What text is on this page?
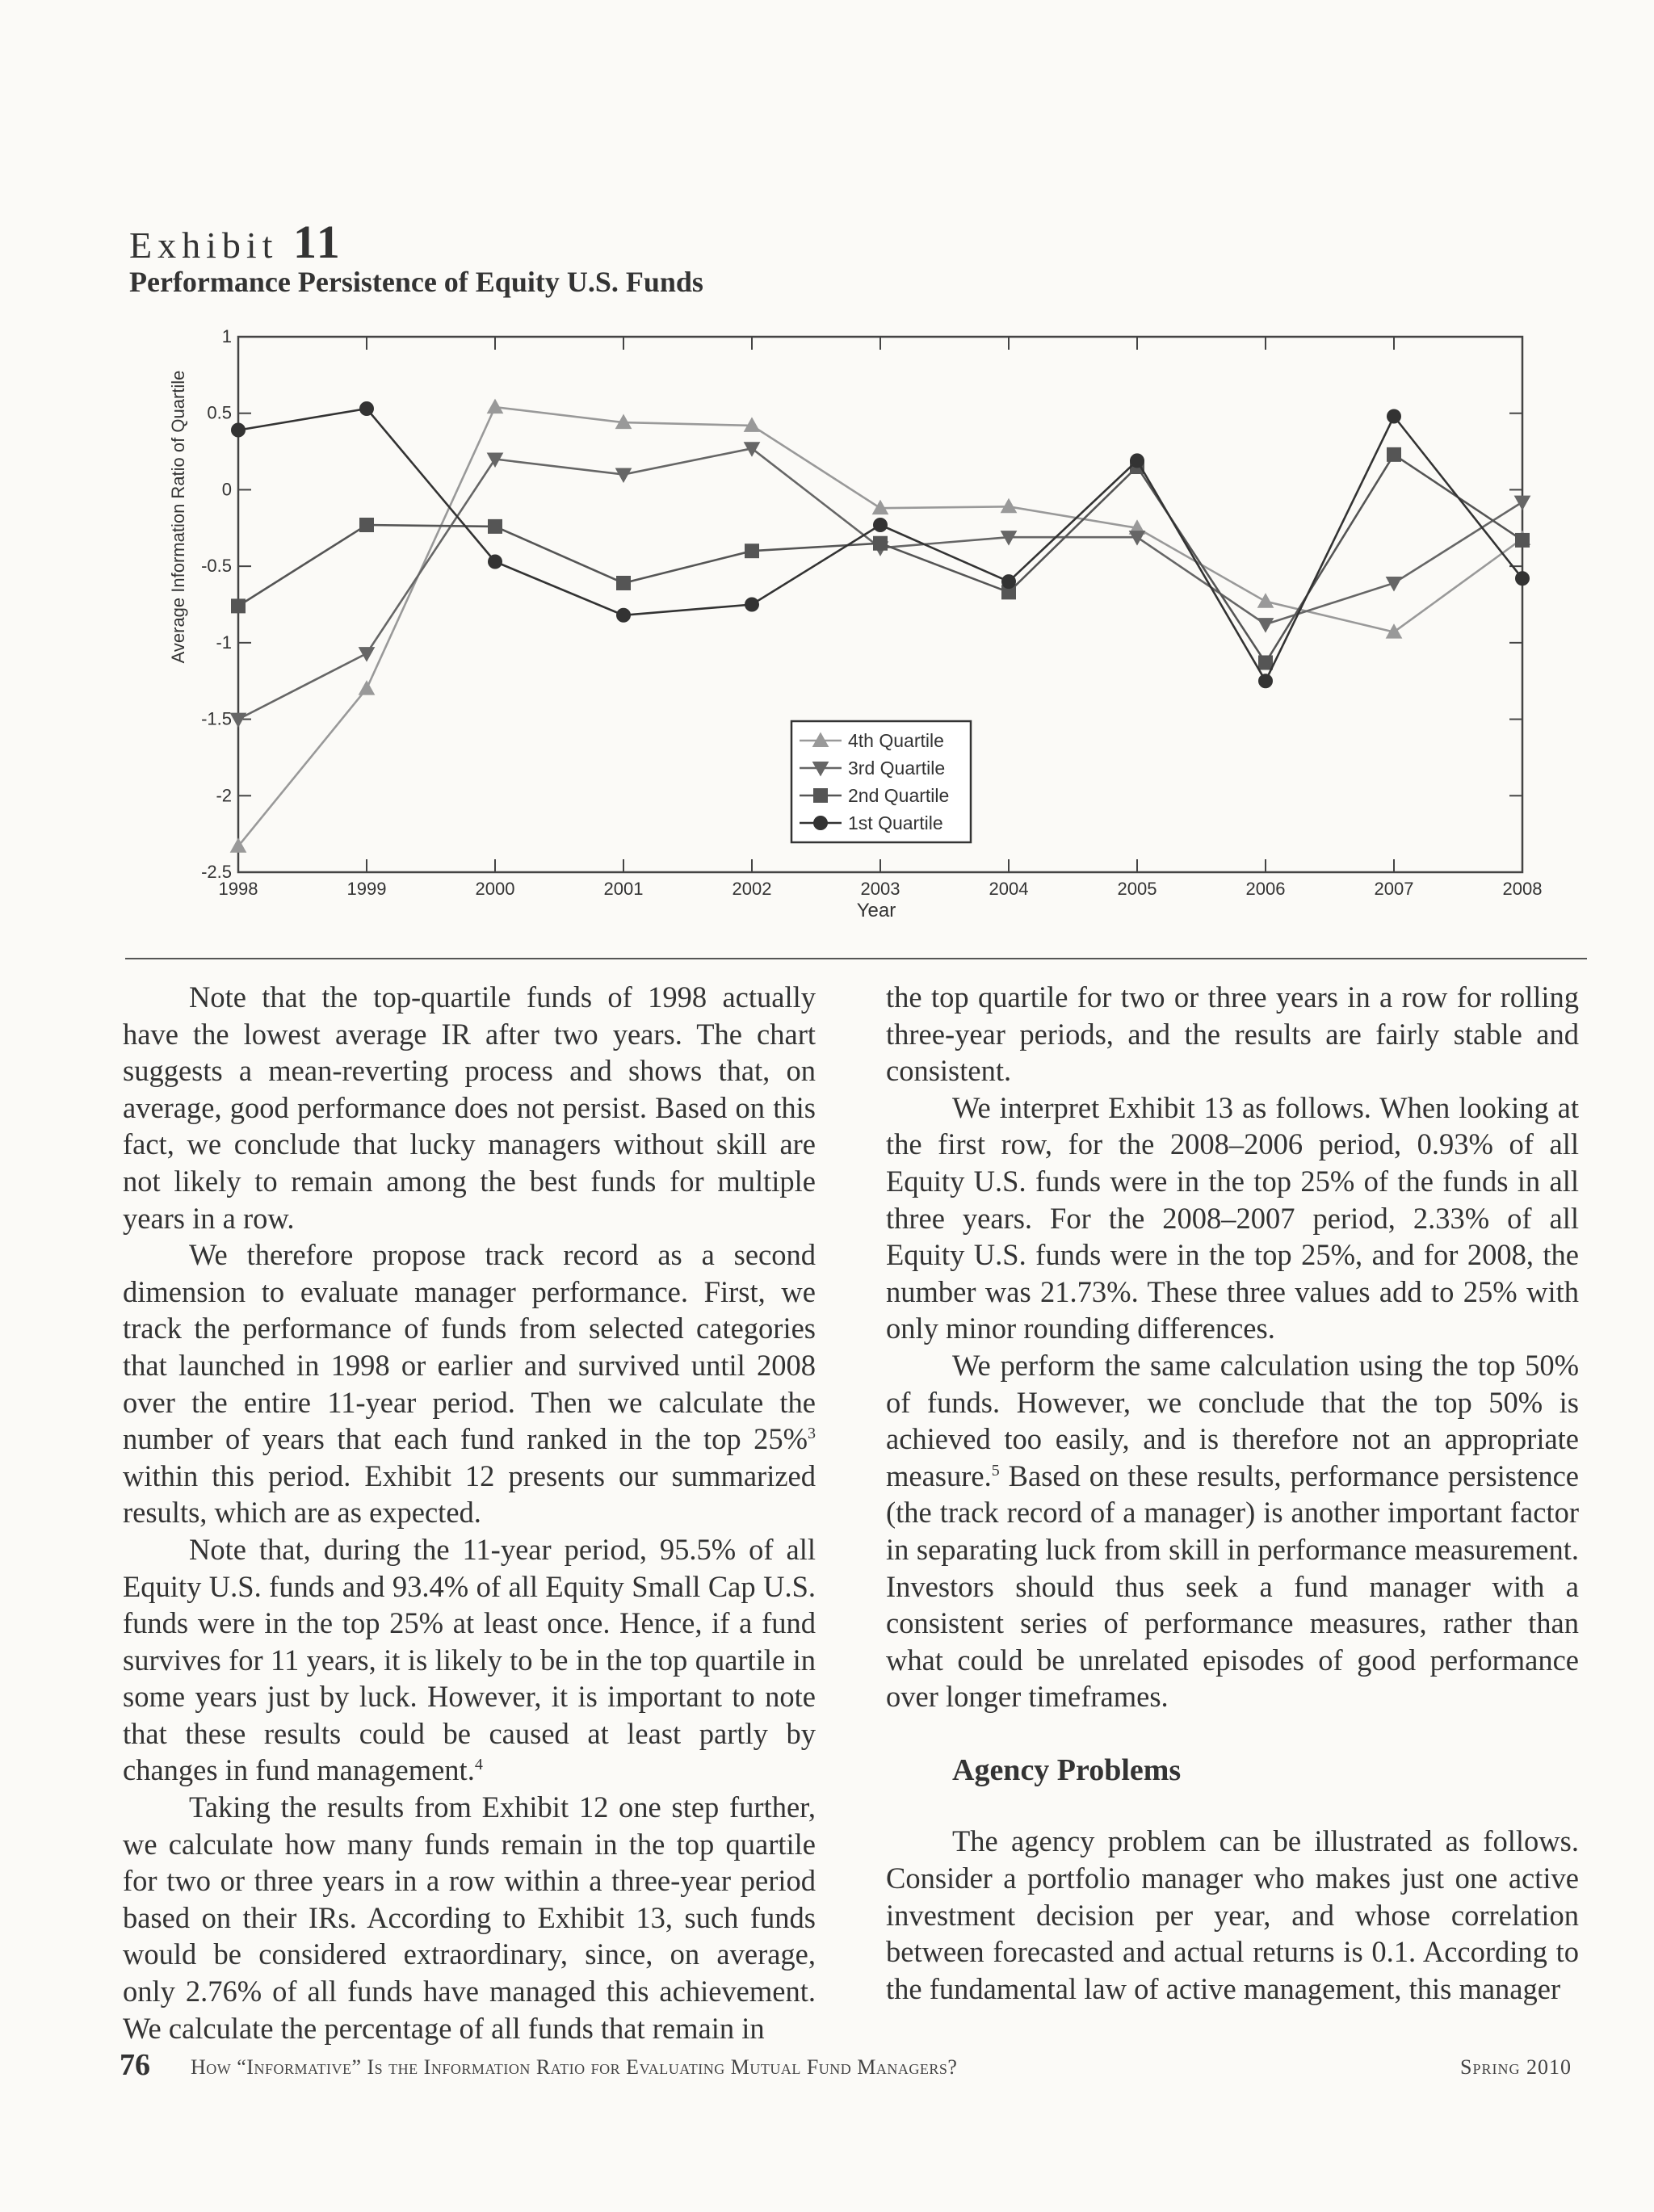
Exhibit 11
Performance Persistence of Equity U.S. Funds
1998	1999	2000	2001	2002	2003	2004	2005	2006	2007	2008
1
0.5
0
-0.5
-1
-1.5
-2
-2.5
4th Quartile
3rd Quartile
2nd Quartile
1st Quartile
Average Information Ratio of Quartile
Year

Note that the top-quartile funds of 1998 actually have the lowest average IR after two years. The chart suggests a mean-reverting process and shows that, on average, good performance does not persist. Based on this fact, we conclude that lucky managers without skill are not likely to remain among the best funds for multiple years in a row.

We therefore propose track record as a second dimension to evaluate manager performance. First, we track the performance of funds from selected categories that launched in 1998 or earlier and survived until 2008 over the entire 11-year period. Then we calculate the number of years that each fund ranked in the top 25%$^3$ within this period. Exhibit 12 presents our summarized results, which are as expected.

Note that, during the 11-year period, 95.5% of all Equity U.S. funds and 93.4% of all Equity Small Cap U.S. funds were in the top 25% at least once. Hence, if a fund survives for 11 years, it is likely to be in the top quartile in some years just by luck. However, it is important to note that these results could be caused at least partly by changes in fund management.$^4$

Taking the results from Exhibit 12 one step further, we calculate how many funds remain in the top quartile for two or three years in a row within a three-year period based on their IRs. According to Exhibit 13, such funds would be considered extraordinary, since, on average, only 2.76% of all funds have managed this achievement. We calculate the percentage of all funds that remain in

the top quartile for two or three years in a row for rolling three-year periods, and the results are fairly stable and consistent.

We interpret Exhibit 13 as follows. When looking at the first row, for the 2008–2006 period, 0.93% of all Equity U.S. funds were in the top 25% of the funds in all three years. For the 2008–2007 period, 2.33% of all Equity U.S. funds were in the top 25%, and for 2008, the number was 21.73%. These three values add to 25% with only minor rounding differences.

We perform the same calculation using the top 50% of funds. However, we conclude that the top 50% is achieved too easily, and is therefore not an appropriate measure.$^5$ Based on these results, performance persistence (the track record of a manager) is another important factor in separating luck from skill in performance measurement. Investors should thus seek a fund manager with a consistent series of performance measures, rather than what could be unrelated episodes of good performance over longer timeframes.

Agency Problems

The agency problem can be illustrated as follows. Consider a portfolio manager who makes just one active investment decision per year, and whose correlation between forecasted and actual returns is 0.1. According to the fundamental law of active management, this manager

76 How “Informative” Is the Information Ratio for Evaluating Mutual Fund Managers?	Spring 2010
